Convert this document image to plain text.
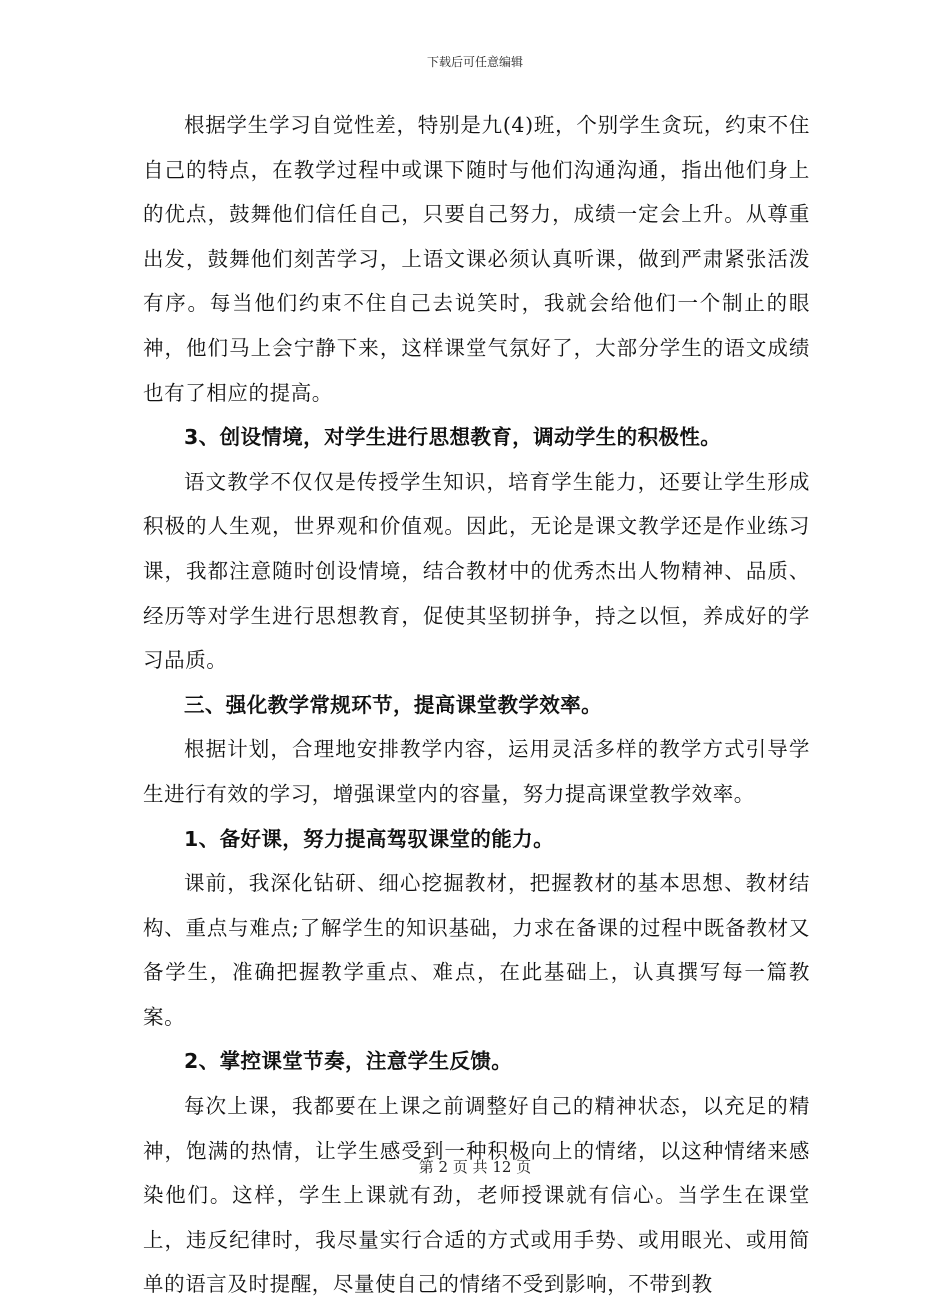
下载后可任意编辑

根据学生学习自觉性差，特别是九(4)班，个别学生贪玩，约束不住自己的特点，在教学过程中或课下随时与他们沟通沟通，指出他们身上的优点，鼓舞他们信任自己，只要自己努力，成绩一定会上升。从尊重出发，鼓舞他们刻苦学习，上语文课必须认真听课，做到严肃紧张活泼有序。每当他们约束不住自己去说笑时，我就会给他们一个制止的眼神，他们马上会宁静下来，这样课堂气氛好了，大部分学生的语文成绩也有了相应的提高。

3、创设情境，对学生进行思想教育，调动学生的积极性。

语文教学不仅仅是传授学生知识，培育学生能力，还要让学生形成积极的人生观，世界观和价值观。因此，无论是课文教学还是作业练习课，我都注意随时创设情境，结合教材中的优秀杰出人物精神、品质、经历等对学生进行思想教育，促使其坚韧拼争，持之以恒，养成好的学习品质。

三、强化教学常规环节，提高课堂教学效率。

根据计划，合理地安排教学内容，运用灵活多样的教学方式引导学生进行有效的学习，增强课堂内的容量，努力提高课堂教学效率。

1、备好课，努力提高驾驭课堂的能力。

课前，我深化钻研、细心挖掘教材，把握教材的基本思想、教材结构、重点与难点;了解学生的知识基础，力求在备课的过程中既备教材又备学生，准确把握教学重点、难点，在此基础上，认真撰写每一篇教案。

2、掌控课堂节奏，注意学生反馈。

每次上课，我都要在上课之前调整好自己的精神状态，以充足的精神，饱满的热情，让学生感受到一种积极向上的情绪，以这种情绪来感染他们。这样，学生上课就有劲，老师授课就有信心。当学生在课堂上，违反纪律时，我尽量实行合适的方式或用手势、或用眼光、或用简单的语言及时提醒，尽量使自己的情绪不受到影响，不带到教

第 2 页 共 12 页
